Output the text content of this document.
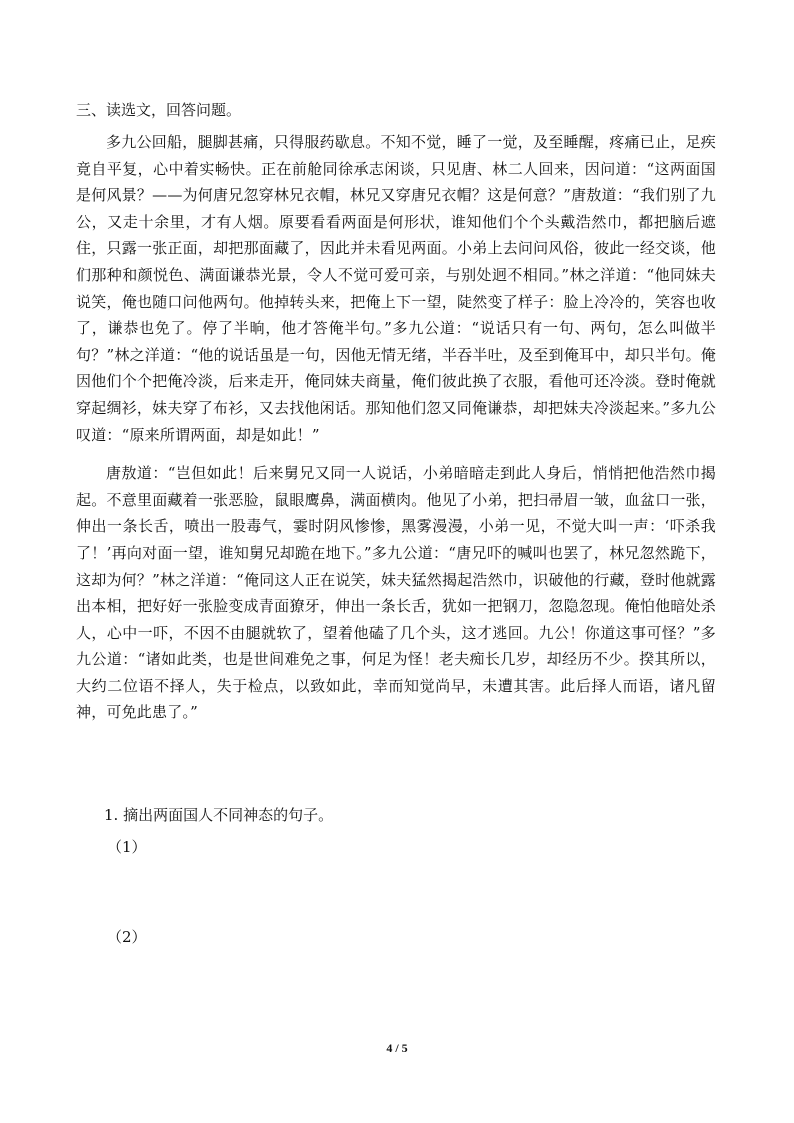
三、读选文，回答问题。

多九公回船，腿脚甚痛，只得服药歇息。不知不觉，睡了一觉，及至睡醒，疼痛已止，足疾竟自平复，心中着实畅快。正在前舱同徐承志闲谈，只见唐、林二人回来，因问道：“这两面国是何风景？——为何唐兄忽穿林兄衣帽，林兄又穿唐兄衣帽？这是何意？”唐敖道：“我们别了九公，又走十余里，才有人烟。原要看看两面是何形状，谁知他们个个头戴浩然巾，都把脑后遮住，只露一张正面，却把那面藏了，因此并未看见两面。小弟上去问问风俗，彼此一经交谈，他们那种和颜悦色、满面谦恭光景，令人不觉可爱可亲，与别处迥不相同。”林之洋道：“他同妹夫说笑，俺也随口问他两句。他掉转头来，把俺上下一望，陡然变了样子：脸上冷冷的，笑容也收了，谦恭也免了。停了半晌，他才答俺半句。”多九公道：“说话只有一句、两句，怎么叫做半句？”林之洋道：“他的说话虽是一句，因他无情无绪，半吞半吐，及至到俺耳中，却只半句。俺因他们个个把俺冷淡，后来走开，俺同妹夫商量，俺们彼此换了衣服，看他可还冷淡。登时俺就穿起绸衫，妹夫穿了布衫，又去找他闲话。那知他们忽又同俺谦恭，却把妹夫冷淡起来。”多九公叹道：“原来所谓两面，却是如此！”

唐敖道：“岂但如此！后来舅兄又同一人说话，小弟暗暗走到此人身后，悄悄把他浩然巾揭起。不意里面藏着一张恶脸，鼠眼鹰鼻，满面横肉。他见了小弟，把扫帚眉一皱，血盆口一张，伸出一条长舌，喷出一股毒气，霎时阴风惨惨，黑雾漫漫，小弟一见，不觉大叫一声：‘吓杀我了！’再向对面一望，谁知舅兄却跪在地下。”多九公道：“唐兄吓的喊叫也罢了，林兄忽然跪下，这却为何？”林之洋道：“俺同这人正在说笑，妹夫猛然揭起浩然巾，识破他的行藏，登时他就露出本相，把好好一张脸变成青面獠牙，伸出一条长舌，犹如一把钢刀，忽隐忽现。俺怕他暗处杀人，心中一吓，不因不由腿就软了，望着他磕了几个头，这才逃回。九公！你道这事可怪？”多九公道：“诸如此类，也是世间难免之事，何足为怪！老夫痴长几岁，却经历不少。揆其所以，大约二位语不择人，失于检点，以致如此，幸而知觉尚早，未遭其害。此后择人而语，诸凡留神，可免此患了。”

1. 摘出两面国人不同神态的句子。
（1）
（2）
4 / 5
